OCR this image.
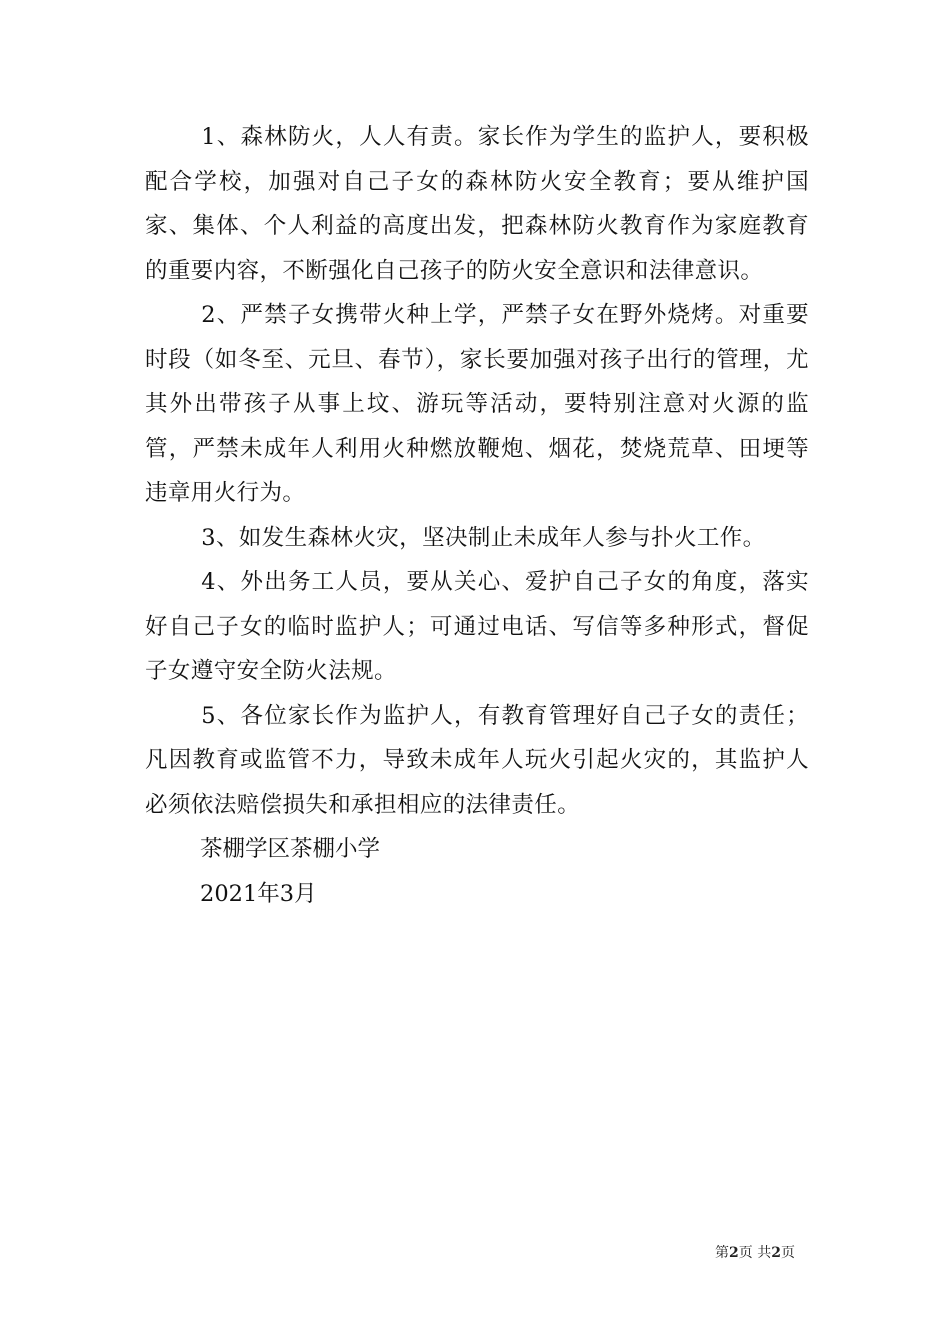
1、森林防火，人人有责。家长作为学生的监护人，要积极配合学校，加强对自己子女的森林防火安全教育；要从维护国家、集体、个人利益的高度出发，把森林防火教育作为家庭教育的重要内容，不断强化自己孩子的防火安全意识和法律意识。

2、严禁子女携带火种上学，严禁子女在野外烧烤。对重要时段（如冬至、元旦、春节），家长要加强对孩子出行的管理，尤其外出带孩子从事上坟、游玩等活动，要特别注意对火源的监管，严禁未成年人利用火种燃放鞭炮、烟花，焚烧荒草、田埂等违章用火行为。

3、如发生森林火灾，坚决制止未成年人参与扑火工作。

4、外出务工人员，要从关心、爱护自己子女的角度，落实好自己子女的临时监护人；可通过电话、写信等多种形式，督促子女遵守安全防火法规。

5、各位家长作为监护人，有教育管理好自己子女的责任；凡因教育或监管不力，导致未成年人玩火引起火灾的，其监护人必须依法赔偿损失和承担相应的法律责任。

茶棚学区茶棚小学

2021年3月

第2页 共2页
